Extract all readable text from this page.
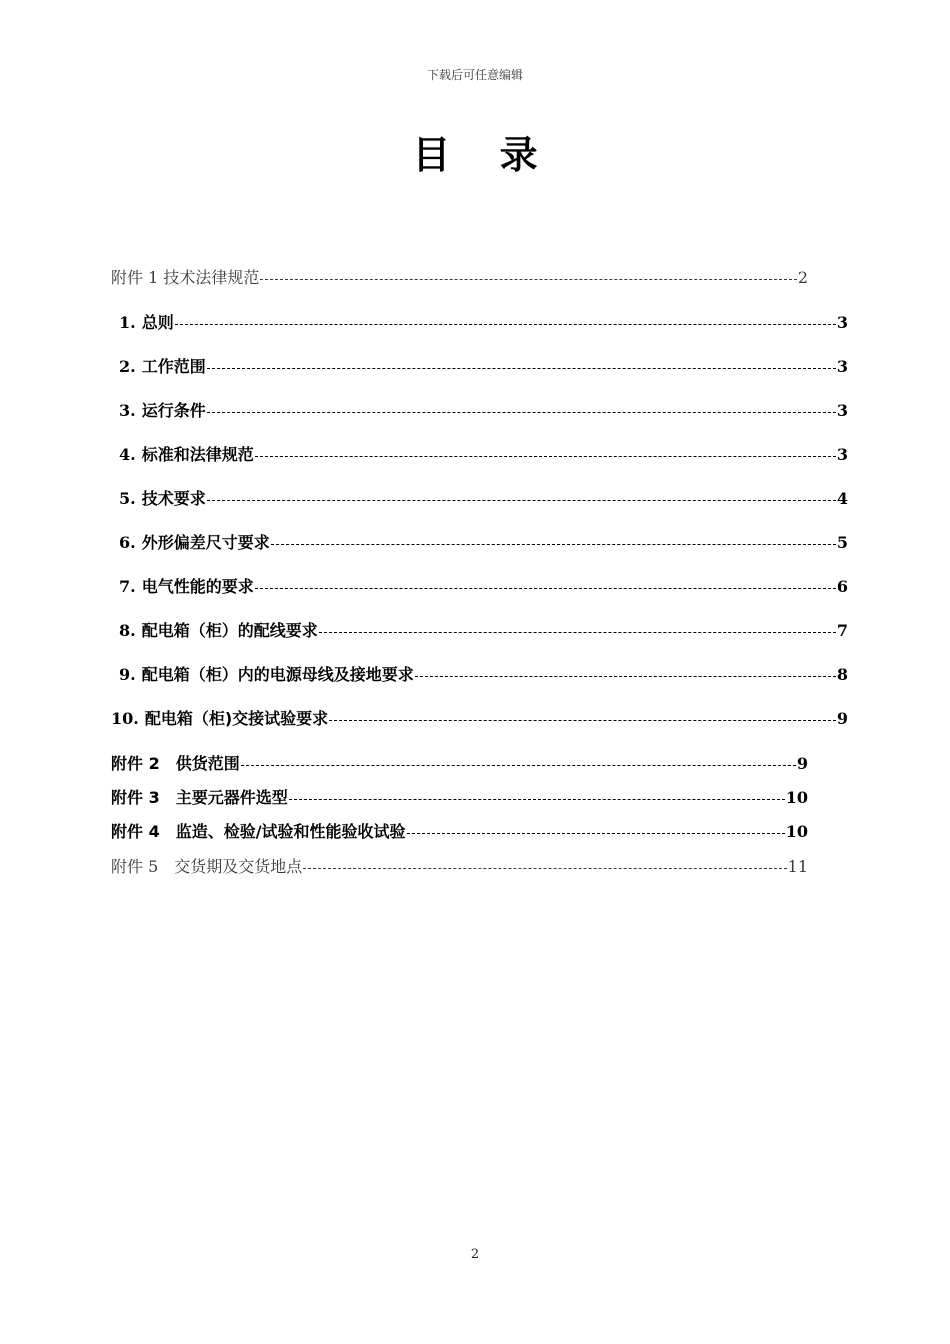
下载后可任意编辑
目 录
附件 1 技术法律规范	2
1. 总则	3
2. 工作范围	3
3. 运行条件	3
4. 标准和法律规范	3
5. 技术要求	4
6. 外形偏差尺寸要求	5
7. 电气性能的要求	6
8. 配电箱（柜）的配线要求	7
9. 配电箱（柜）内的电源母线及接地要求	8
10. 配电箱（柜)交接试验要求	9
附件 2　供货范围	9
附件 3　主要元器件选型	10
附件 4　监造、检验/试验和性能验收试验	10
附件 5　交货期及交货地点	11
2
